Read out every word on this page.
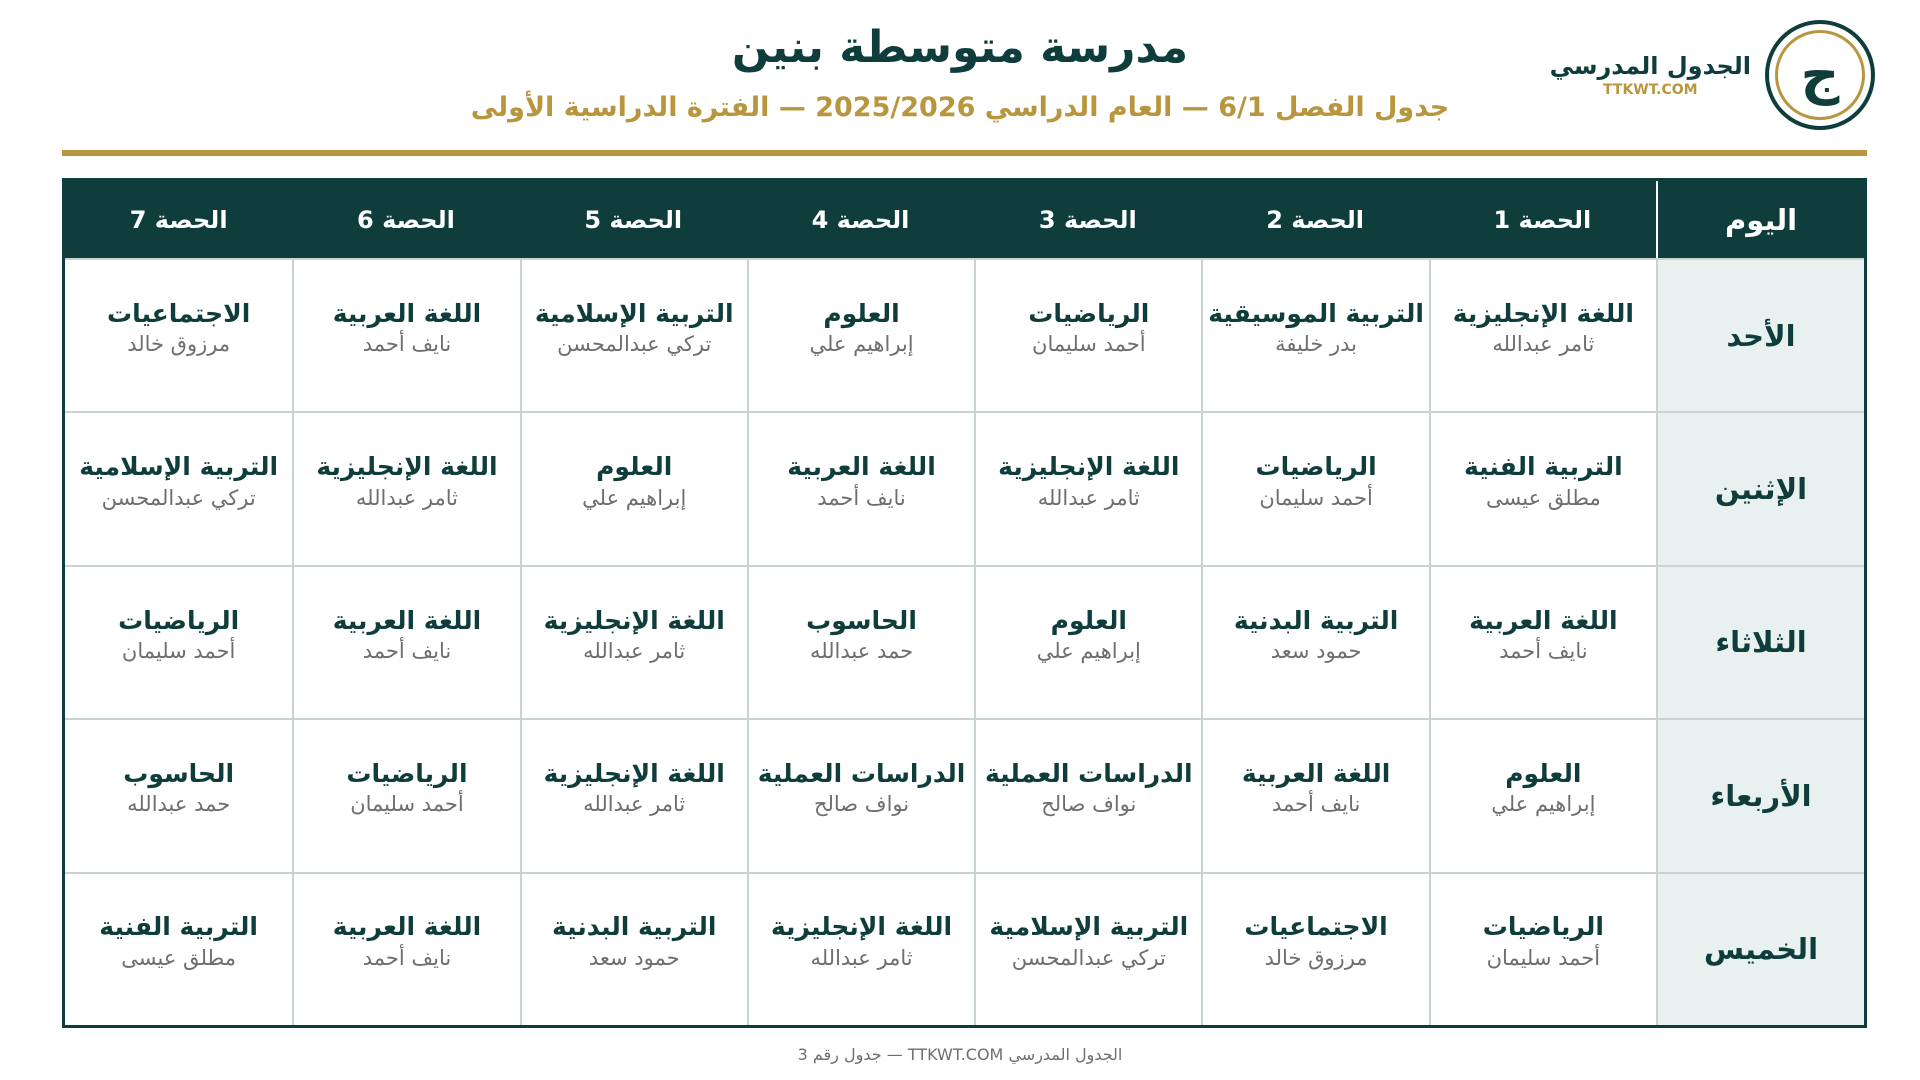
ج
الجدول المدرسي
TTKWT.COM
مدرسة متوسطة بنين
جدول الفصل 6/1 — العام الدراسي 2025/2026 — الفترة الدراسية الأولى
اليوم
الحصة 1
الحصة 2
الحصة 3
الحصة 4
الحصة 5
الحصة 6
الحصة 7
الأحد
اللغة الإنجليزية
ثامر عبدالله
التربية الموسيقية
بدر خليفة
الرياضيات
أحمد سليمان
العلوم
إبراهيم علي
التربية الإسلامية
تركي عبدالمحسن
اللغة العربية
نايف أحمد
الاجتماعيات
مرزوق خالد
الإثنين
التربية الفنية
مطلق عيسى
الرياضيات
أحمد سليمان
اللغة الإنجليزية
ثامر عبدالله
اللغة العربية
نايف أحمد
العلوم
إبراهيم علي
اللغة الإنجليزية
ثامر عبدالله
التربية الإسلامية
تركي عبدالمحسن
الثلاثاء
اللغة العربية
نايف أحمد
التربية البدنية
حمود سعد
العلوم
إبراهيم علي
الحاسوب
حمد عبدالله
اللغة الإنجليزية
ثامر عبدالله
اللغة العربية
نايف أحمد
الرياضيات
أحمد سليمان
الأربعاء
العلوم
إبراهيم علي
اللغة العربية
نايف أحمد
الدراسات العملية
نواف صالح
الدراسات العملية
نواف صالح
اللغة الإنجليزية
ثامر عبدالله
الرياضيات
أحمد سليمان
الحاسوب
حمد عبدالله
الخميس
الرياضيات
أحمد سليمان
الاجتماعيات
مرزوق خالد
التربية الإسلامية
تركي عبدالمحسن
اللغة الإنجليزية
ثامر عبدالله
التربية البدنية
حمود سعد
اللغة العربية
نايف أحمد
التربية الفنية
مطلق عيسى
الجدول المدرسي TTKWT.COM — جدول رقم 3
